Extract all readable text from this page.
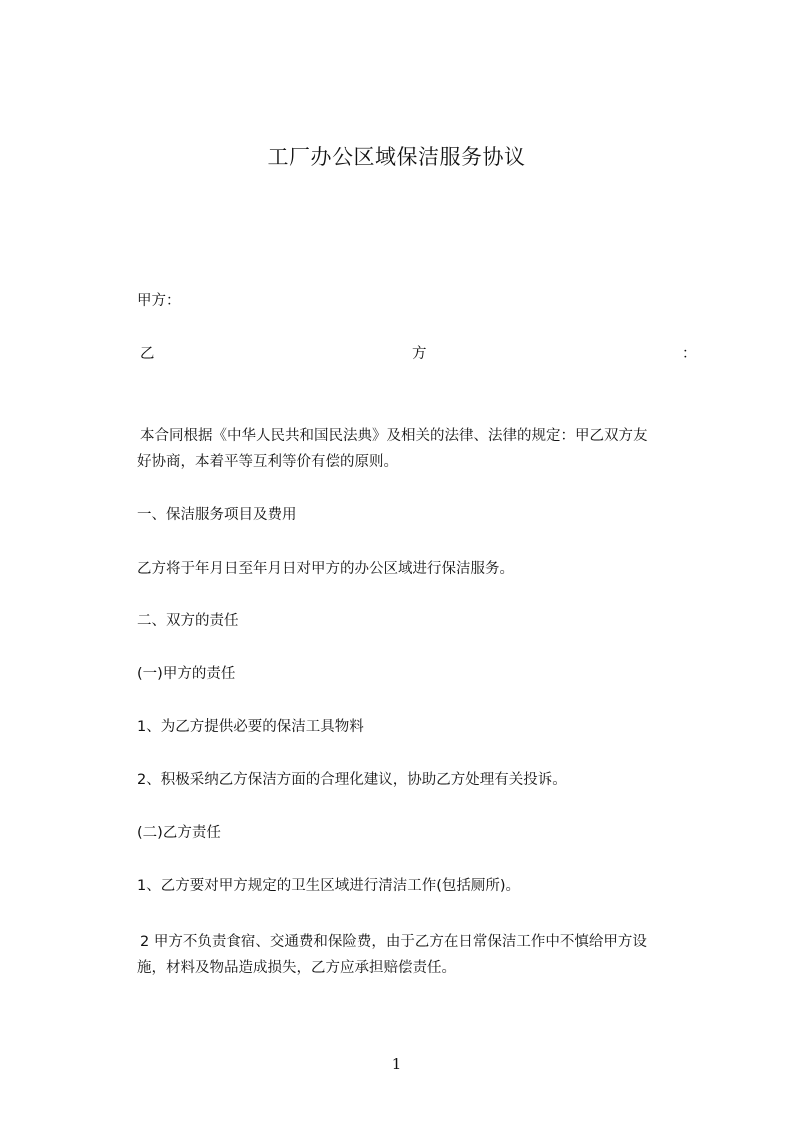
工厂办公区域保洁服务协议
甲方：
乙	方	：
本合同根据《中华人民共和国民法典》及相关的法律、法律的规定：甲乙双方友
好协商，本着平等互利等价有偿的原则。
一、保洁服务项目及费用
乙方将于年月日至年月日对甲方的办公区域进行保洁服务。
二、双方的责任
(一)甲方的责任
1、为乙方提供必要的保洁工具物料
2、积极采纳乙方保洁方面的合理化建议，协助乙方处理有关投诉。
(二)乙方责任
1、乙方要对甲方规定的卫生区域进行清洁工作(包括厕所)。
2 甲方不负责食宿、交通费和保险费，由于乙方在日常保洁工作中不慎给甲方设
施，材料及物品造成损失，乙方应承担赔偿责任。
1
